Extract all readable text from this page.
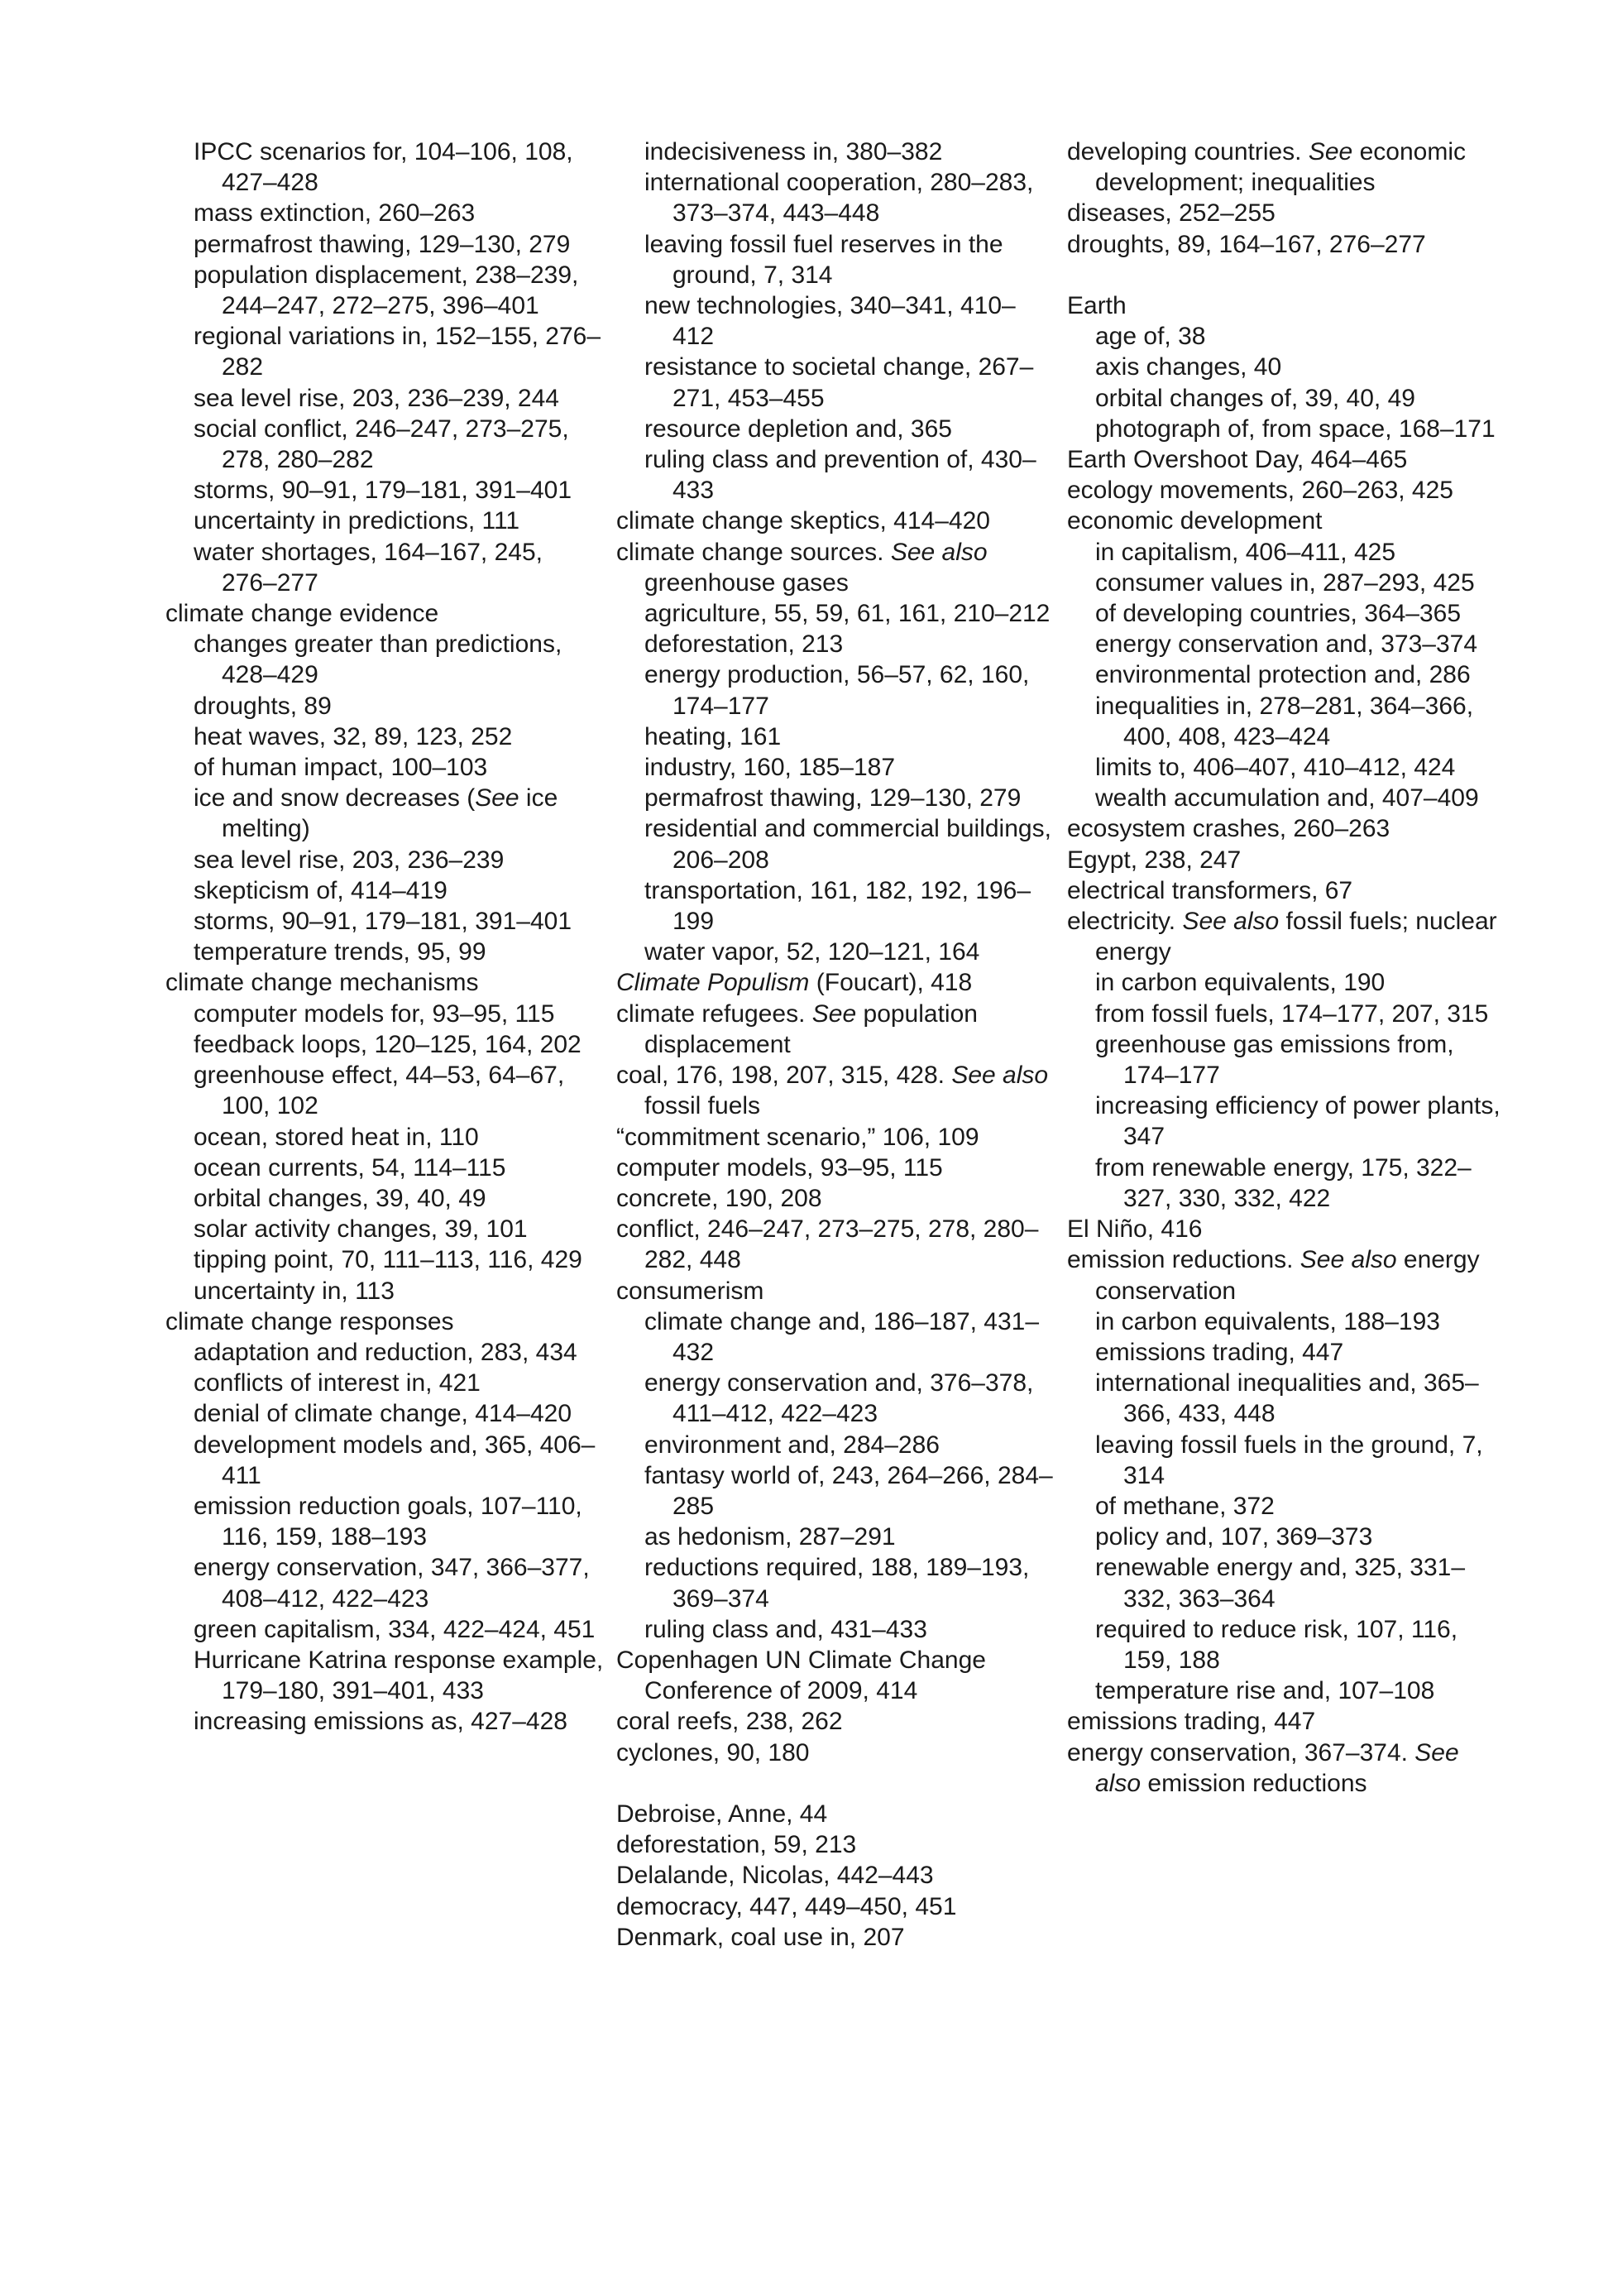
IPCC scenarios for, 104–106, 108, 427–428

mass extinction, 260–263

permafrost thawing, 129–130, 279

population displacement, 238–239, 244–247, 272–275, 396–401

regional variations in, 152–155, 276–282

sea level rise, 203, 236–239, 244

social conflict, 246–247, 273–275, 278, 280–282

storms, 90–91, 179–181, 391–401

uncertainty in predictions, 111

water shortages, 164–167, 245, 276–277

climate change evidence

changes greater than predictions, 428–429

droughts, 89

heat waves, 32, 89, 123, 252

of human impact, 100–103

ice and snow decreases (See ice melting)

sea level rise, 203, 236–239

skepticism of, 414–419

storms, 90–91, 179–181, 391–401

temperature trends, 95, 99

climate change mechanisms

computer models for, 93–95, 115

feedback loops, 120–125, 164, 202

greenhouse effect, 44–53, 64–67, 100, 102

ocean, stored heat in, 110

ocean currents, 54, 114–115

orbital changes, 39, 40, 49

solar activity changes, 39, 101

tipping point, 70, 111–113, 116, 429

uncertainty in, 113

climate change responses

adaptation and reduction, 283, 434

conflicts of interest in, 421

denial of climate change, 414–420

development models and, 365, 406–411

emission reduction goals, 107–110, 116, 159, 188–193

energy conservation, 347, 366–377, 408–412, 422–423

green capitalism, 334, 422–424, 451

Hurricane Katrina response example, 179–180, 391–401, 433

increasing emissions as, 427–428

indecisiveness in, 380–382

international cooperation, 280–283, 373–374, 443–448

leaving fossil fuel reserves in the ground, 7, 314

new technologies, 340–341, 410–412

resistance to societal change, 267–271, 453–455

resource depletion and, 365

ruling class and prevention of, 430–433

climate change skeptics, 414–420

climate change sources. See also greenhouse gases

agriculture, 55, 59, 61, 161, 210–212

deforestation, 213

energy production, 56–57, 62, 160, 174–177

heating, 161

industry, 160, 185–187

permafrost thawing, 129–130, 279

residential and commercial buildings, 206–208

transportation, 161, 182, 192, 196–199

water vapor, 52, 120–121, 164

Climate Populism (Foucart), 418

climate refugees. See population displacement

coal, 176, 198, 207, 315, 428. See also fossil fuels

“commitment scenario,” 106, 109

computer models, 93–95, 115

concrete, 190, 208

conflict, 246–247, 273–275, 278, 280–282, 448

consumerism

climate change and, 186–187, 431–432

energy conservation and, 376–378, 411–412, 422–423

environment and, 284–286

fantasy world of, 243, 264–266, 284–285

as hedonism, 287–291

reductions required, 188, 189–193, 369–374

ruling class and, 431–433

Copenhagen UN Climate Change Conference of 2009, 414

coral reefs, 238, 262

cyclones, 90, 180

Debroise, Anne, 44

deforestation, 59, 213

Delalande, Nicolas, 442–443

democracy, 447, 449–450, 451

Denmark, coal use in, 207

developing countries. See economic development; inequalities

diseases, 252–255

droughts, 89, 164–167, 276–277

Earth

age of, 38

axis changes, 40

orbital changes of, 39, 40, 49

photograph of, from space, 168–171

Earth Overshoot Day, 464–465

ecology movements, 260–263, 425

economic development

in capitalism, 406–411, 425

consumer values in, 287–293, 425

of developing countries, 364–365

energy conservation and, 373–374

environmental protection and, 286

inequalities in, 278–281, 364–366, 400, 408, 423–424

limits to, 406–407, 410–412, 424

wealth accumulation and, 407–409

ecosystem crashes, 260–263

Egypt, 238, 247

electrical transformers, 67

electricity. See also fossil fuels; nuclear energy

in carbon equivalents, 190

from fossil fuels, 174–177, 207, 315

greenhouse gas emissions from, 174–177

increasing efficiency of power plants, 347

from renewable energy, 175, 322–327, 330, 332, 422

El Niño, 416

emission reductions. See also energy conservation

in carbon equivalents, 188–193

emissions trading, 447

international inequalities and, 365–366, 433, 448

leaving fossil fuels in the ground, 7, 314

of methane, 372

policy and, 107, 369–373

renewable energy and, 325, 331–332, 363–364

required to reduce risk, 107, 116, 159, 188

temperature rise and, 107–108

emissions trading, 447

energy conservation, 367–374. See also emission reductions
